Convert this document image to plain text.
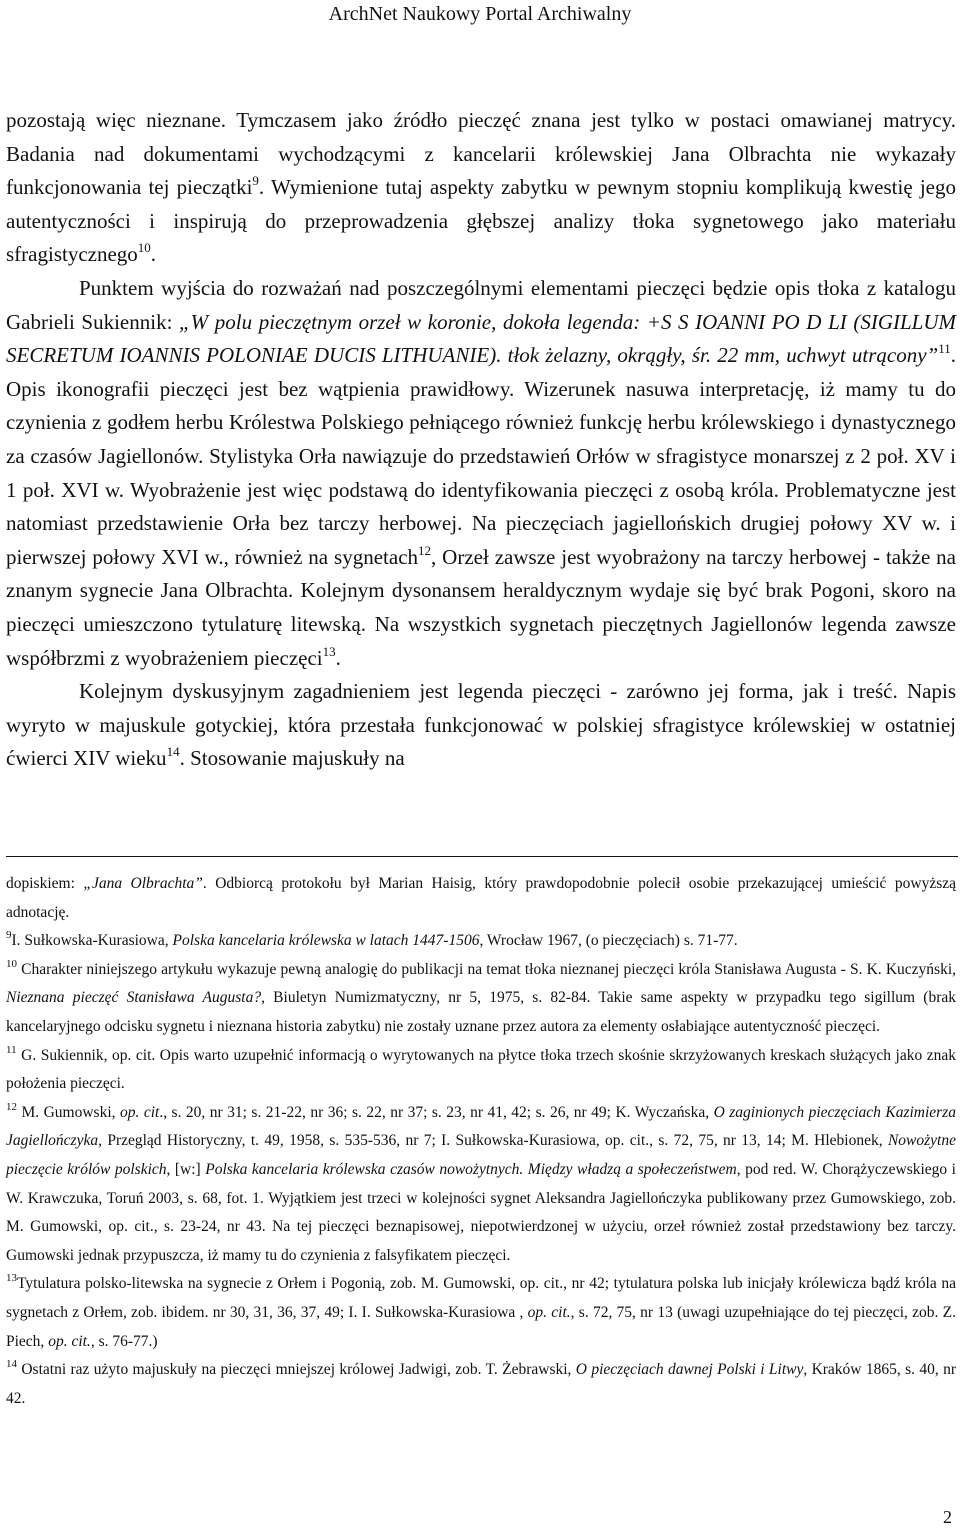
ArchNet Naukowy Portal Archiwalny

pozostają więc nieznane. Tymczasem jako źródło pieczęć znana jest tylko w postaci omawianej matrycy. Badania nad dokumentami wychodzącymi z kancelarii królewskiej Jana Olbrachta nie wykazały funkcjonowania tej pieczątki$^9$. Wymienione tutaj aspekty zabytku w pewnym stopniu komplikują kwestię jego autentyczności i inspirują do przeprowadzenia głębszej analizy tłoka sygnetowego jako materiału sfragistycznego$^{10}$.

Punktem wyjścia do rozważań nad poszczególnymi elementami pieczęci będzie opis tłoka z katalogu Gabrieli Sukiennik: „W polu pieczętnym orzeł w koronie, dokoła legenda: +S S IOANNI PO D LI (SIGILLUM SECRETUM IOANNIS POLONIAE DUCIS LITHUANIE). tłok żelazny, okrągły, śr. 22 mm, uchwyt utrącony”$^{11}$. Opis ikonografii pieczęci jest bez wątpienia prawidłowy. Wizerunek nasuwa interpretację, iż mamy tu do czynienia z godłem herbu Królestwa Polskiego pełniącego również funkcję herbu królewskiego i dynastycznego za czasów Jagiellonów. Stylistyka Orła nawiązuje do przedstawień Orłów w sfragistyce monarszej z 2 poł. XV i 1 poł. XVI w. Wyobrażenie jest więc podstawą do identyfikowania pieczęci z osobą króla. Problematyczne jest natomiast przedstawienie Orła bez tarczy herbowej. Na pieczęciach jagiellońskich drugiej połowy XV w. i pierwszej połowy XVI w., również na sygnetach$^{12}$, Orzeł zawsze jest wyobrażony na tarczy herbowej - także na znanym sygnecie Jana Olbrachta. Kolejnym dysonansem heraldycznym wydaje się być brak Pogoni, skoro na pieczęci umieszczono tytulaturę litewską. Na wszystkich sygnetach pieczętnych Jagiellonów legenda zawsze współbrzmi z wyobrażeniem pieczęci$^{13}$.

Kolejnym dyskusyjnym zagadnieniem jest legenda pieczęci - zarówno jej forma, jak i treść. Napis wyryto w majuskule gotyckiej, która przestała funkcjonować w polskiej sfragistyce królewskiej w ostatniej ćwierci XIV wieku$^{14}$. Stosowanie majuskuły na

dopiskiem: „Jana Olbrachta”. Odbiorcą protokołu był Marian Haisig, który prawdopodobnie polecił osobie przekazującej umieścić powyższą adnotację.

$^9$I. Sułkowska-Kurasiowa, Polska kancelaria królewska w latach 1447-1506, Wrocław 1967, (o pieczęciach) s. 71-77.

$^{10}$ Charakter niniejszego artykułu wykazuje pewną analogię do publikacji na temat tłoka nieznanej pieczęci króla Stanisława Augusta - S. K. Kuczyński, Nieznana pieczęć Stanisława Augusta?, Biuletyn Numizmatyczny, nr 5, 1975, s. 82-84. Takie same aspekty w przypadku tego sigillum (brak kancelaryjnego odcisku sygnetu i nieznana historia zabytku) nie zostały uznane przez autora za elementy osłabiające autentyczność pieczęci.

$^{11}$ G. Sukiennik, op. cit. Opis warto uzupełnić informacją o wyrytowanych na płytce tłoka trzech skośnie skrzyżowanych kreskach służących jako znak położenia pieczęci.

$^{12}$ M. Gumowski, op. cit., s. 20, nr 31; s. 21-22, nr 36; s. 22, nr 37; s. 23, nr 41, 42; s. 26, nr 49; K. Wyczańska, O zaginionych pieczęciach Kazimierza Jagiellończyka, Przegląd Historyczny, t. 49, 1958, s. 535-536, nr 7; I. Sułkowska-Kurasiowa, op. cit., s. 72, 75, nr 13, 14; M. Hlebionek, Nowożytne pieczęcie królów polskich, [w:] Polska kancelaria królewska czasów nowożytnych. Między władzą a społeczeństwem, pod red. W. Chorążyczewskiego i W. Krawczuka, Toruń 2003, s. 68, fot. 1. Wyjątkiem jest trzeci w kolejności sygnet Aleksandra Jagiellończyka publikowany przez Gumowskiego, zob. M. Gumowski, op. cit., s. 23-24, nr 43. Na tej pieczęci beznapisowej, niepotwierdzonej w użyciu, orzeł również został przedstawiony bez tarczy. Gumowski jednak przypuszcza, iż mamy tu do czynienia z falsyfikatem pieczęci.

$^{13}$Tytulatura polsko-litewska na sygnecie z Orłem i Pogonią, zob. M. Gumowski, op. cit., nr 42; tytulatura polska lub inicjały królewicza bądź króla na sygnetach z Orłem, zob. ibidem. nr 30, 31, 36, 37, 49; I. I. Sułkowska-Kurasiowa , op. cit., s. 72, 75, nr 13 (uwagi uzupełniające do tej pieczęci, zob. Z. Piech, op. cit., s. 76-77.)

$^{14}$ Ostatni raz użyto majuskuły na pieczęci mniejszej królowej Jadwigi, zob. T. Żebrawski, O pieczęciach dawnej Polski i Litwy, Kraków 1865, s. 40, nr 42.

2
